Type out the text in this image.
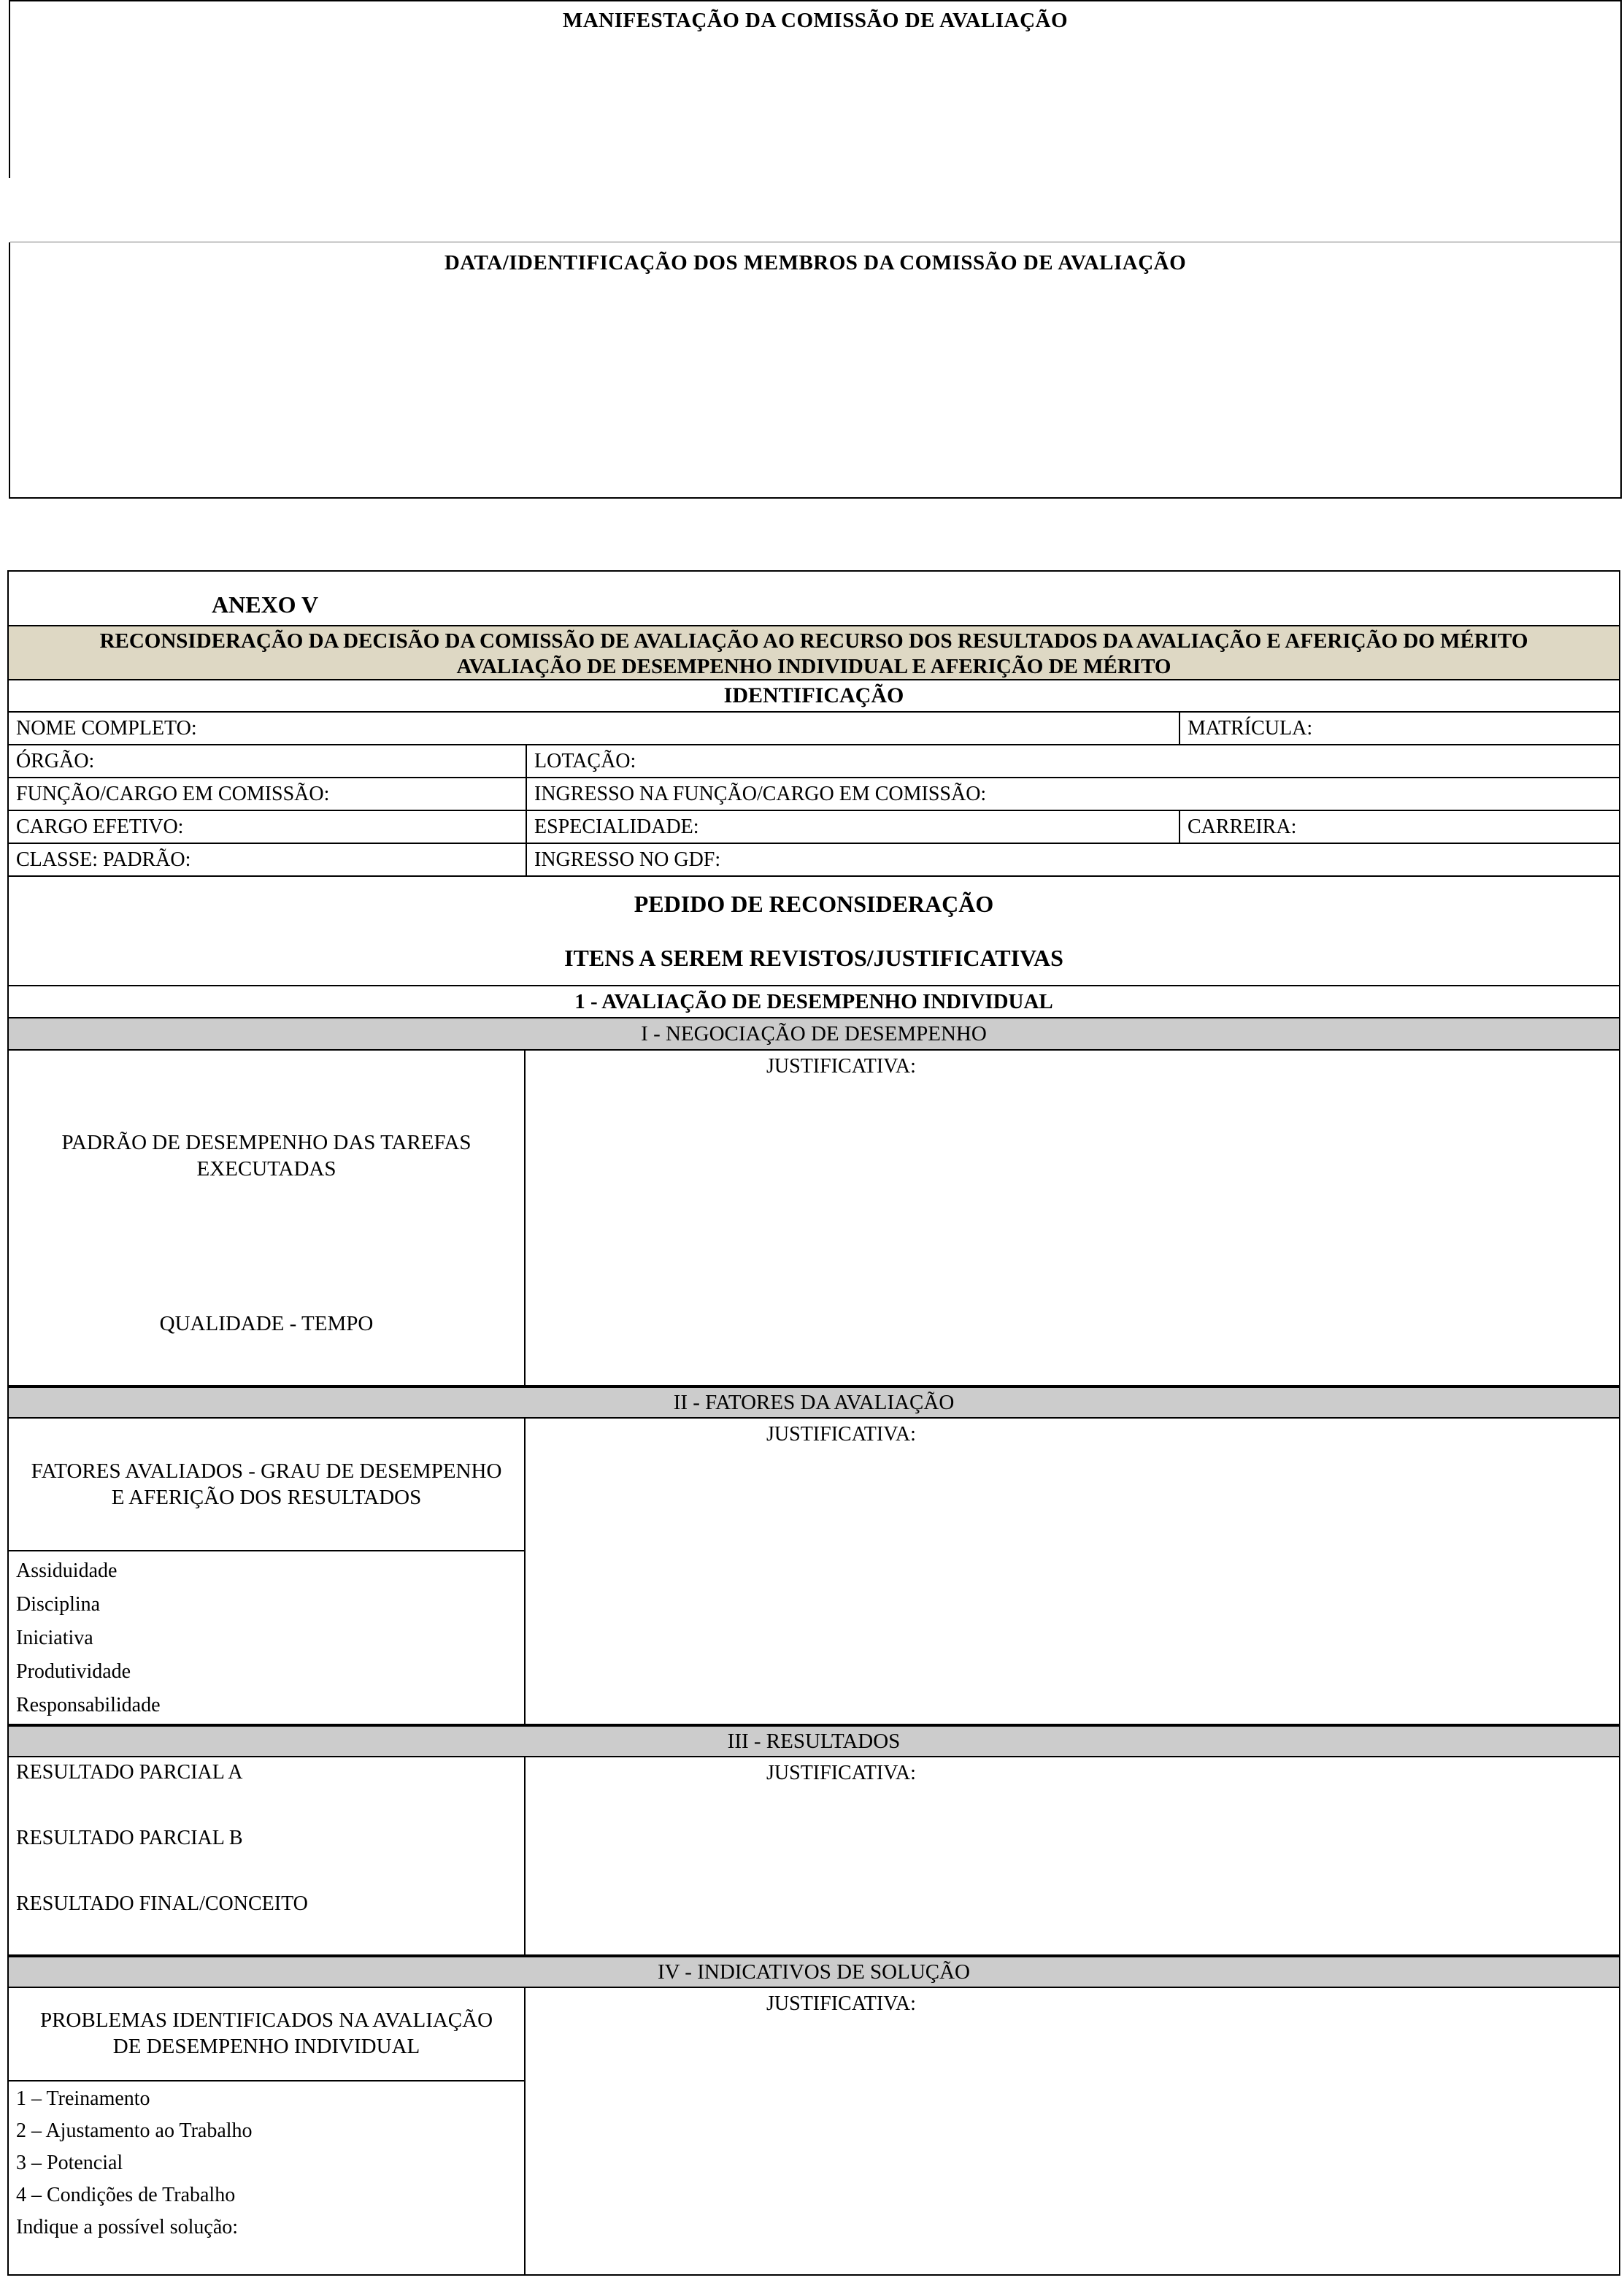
MANIFESTAÇÃO DA COMISSÃO DE AVALIAÇÃO
DATA/IDENTIFICAÇÃO DOS MEMBROS DA COMISSÃO DE AVALIAÇÃO
ANEXO V
RECONSIDERAÇÃO DA DECISÃO DA COMISSÃO DE AVALIAÇÃO AO RECURSO DOS RESULTADOS DA AVALIAÇÃO E AFERIÇÃO DO MÉRITO
AVALIAÇÃO DE DESEMPENHO INDIVIDUAL E AFERIÇÃO DE MÉRITO
IDENTIFICAÇÃO
NOME COMPLETO:	MATRÍCULA:
ÓRGÃO:	LOTAÇÃO:
FUNÇÃO/CARGO EM COMISSÃO:	INGRESSO NA FUNÇÃO/CARGO EM COMISSÃO:
CARGO EFETIVO:	ESPECIALIDADE:	CARREIRA:
CLASSE: PADRÃO:	INGRESSO NO GDF:
PEDIDO DE RECONSIDERAÇÃO
ITENS A SEREM REVISTOS/JUSTIFICATIVAS
1 - AVALIAÇÃO DE DESEMPENHO INDIVIDUAL
I - NEGOCIAÇÃO DE DESEMPENHO
PADRÃO DE DESEMPENHO DAS TAREFAS
EXECUTADAS
QUALIDADE - TEMPO
JUSTIFICATIVA:
II - FATORES DA AVALIAÇÃO
FATORES AVALIADOS - GRAU DE DESEMPENHO
E AFERIÇÃO DOS RESULTADOS
Assiduidade
Disciplina
Iniciativa
Produtividade
Responsabilidade
JUSTIFICATIVA:
III - RESULTADOS
RESULTADO PARCIAL A
RESULTADO PARCIAL B
RESULTADO FINAL/CONCEITO
JUSTIFICATIVA:
IV - INDICATIVOS DE SOLUÇÃO
PROBLEMAS IDENTIFICADOS NA AVALIAÇÃO
DE DESEMPENHO INDIVIDUAL
1 – Treinamento
2 – Ajustamento ao Trabalho
3 – Potencial
4 – Condições de Trabalho
Indique a possível solução:
JUSTIFICATIVA:
